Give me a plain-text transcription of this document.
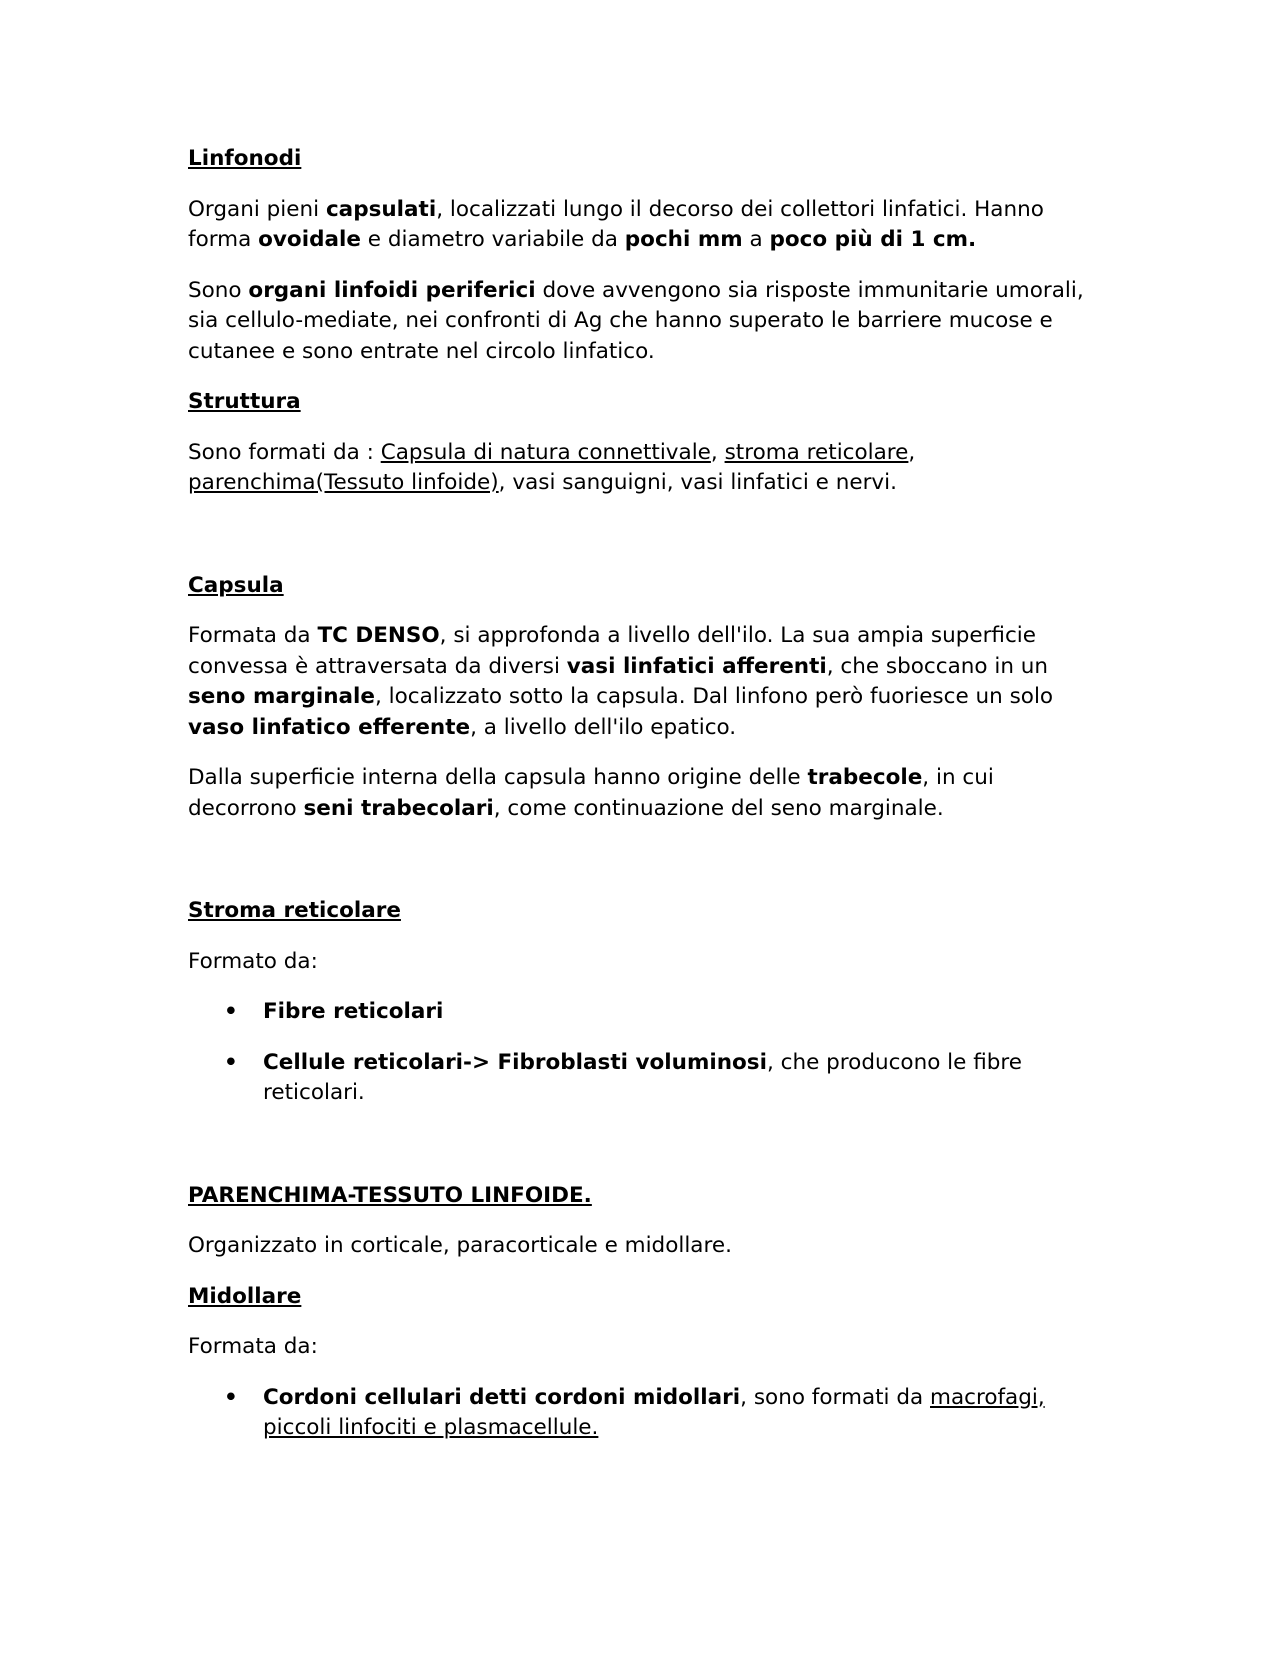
Linfonodi

Organi pieni capsulati, localizzati lungo il decorso dei collettori linfatici. Hanno forma ovoidale e diametro variabile da pochi mm a poco più di 1 cm.

Sono organi linfoidi periferici dove avvengono sia risposte immunitarie umorali, sia cellulo-mediate, nei confronti di Ag che hanno superato le barriere mucose e cutanee e sono entrate nel circolo linfatico.

Struttura

Sono formati da : Capsula di natura connettivale, stroma reticolare, parenchima(Tessuto linfoide), vasi sanguigni, vasi linfatici e nervi.

Capsula

Formata da TC DENSO, si approfonda a livello dell'ilo. La sua ampia superficie convessa è attraversata da diversi vasi linfatici afferenti, che sboccano in un seno marginale, localizzato sotto la capsula. Dal linfono però fuoriesce un solo vaso linfatico efferente, a livello dell'ilo epatico.

Dalla superficie interna della capsula hanno origine delle trabecole, in cui decorrono seni trabecolari, come continuazione del seno marginale.

Stroma reticolare

Formato da:

• Fibre reticolari
• Cellule reticolari-> Fibroblasti voluminosi, che producono le fibre reticolari.

PARENCHIMA-TESSUTO LINFOIDE.

Organizzato in corticale, paracorticale e midollare.

Midollare

Formata da:

• Cordoni cellulari detti cordoni midollari, sono formati da macrofagi, piccoli linfociti e plasmacellule.
